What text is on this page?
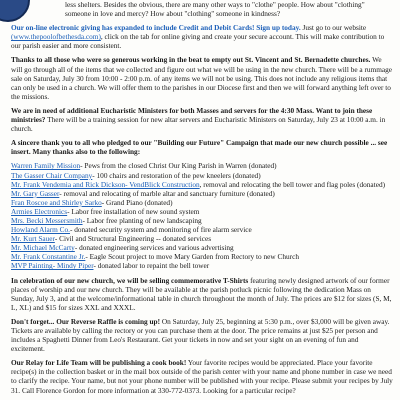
less shelters. Besides the obvious, there are many other ways to "clothe" people. How about "clothing"

someone in love and mercy? How about "clothing" someone in kindness?

Our on-line electronic giving has expanded to include Credit and Debit Cards! Sign up today. Just go to our website (www.thepoolofbethesda.com), click on the tab for online giving and create your secure account. This will make contribution to our parish easier and more consistent.

Thanks to all those who were so generous working in the beat to empty out St. Vincent and St. Bernadette churches. We will go through all of the items that we collected and figure out what we will be using in the new church. There will be a rummage sale on Saturday, July 30 from 10:00 - 2:00 p.m. of any items we will not be using. This does not include any religious items that can only be used in a church. We will offer them to the parishes in our Diocese first and then we will forward anything left over to the missions.

We are in need of additional Eucharistic Ministers for both Masses and servers for the 4:30 Mass. Want to join these ministries? There will be a training session for new altar servers and Eucharistic Ministers on Saturday, July 23 at 10:00 a.m. in church.

A sincere thank you to all who pledged to our "Building our Future" Campaign that made our new church possible ... see insert. Many thanks also to the following:

Warren Family Mission- Pews from the closed Christ Our King Parish in Warren (donated)

The Gasser Chair Company- 100 chairs and restoration of the pew kneelers (donated)

Mr. Frank Vendemia and Rick Dickson- VendBlick Construction, removal and relocating the bell tower and flag poles (donated)

Mr. Gary Gasser- removal and relocating of marble altar and sanctuary furniture (donated)

Fran Roscoe and Shirley Sarko- Grand Piano (donated)

Armies Electronics- Labor free installation of new sound system

Mrs. Becki Messersmith- Labor free planting of new landscaping

Howland Alarm Co.- donated security system and monitoring of fire alarm service

Mr. Kurt Sauer- Civil and Structural Engineering -- donated services

Mr. Michael McCarty- donated engineering services and various advertising

Mr. Frank Constantine Jr.- Eagle Scout project to move Mary Garden from Rectory to new Church

MVP Painting- Mindy Piper- donated labor to repaint the bell tower

In celebration of our new church, we will be selling commemorative T-Shirts featuring newly designed artwork of our former places of worship and our new church. They will be available at the parish potluck picnic following the dedication Mass on Sunday, July 3, and at the welcome/informational table in church throughout the month of July. The prices are $12 for sizes (S, M, L, XL) and $15 for sizes XXL and XXXL.

Don't forget... Our Reverse Raffle is coming up! On Saturday, July 25, beginning at 5:30 p.m., over $3,000 will be given away. Tickets are available by calling the rectory or you can purchase them at the door. The price remains at just $25 per person and includes a Spaghetti Dinner from Leo's Restaurant. Get your tickets in now and set your sight on an evening of fun and excitement.

Our Relay for Life Team will be publishing a cook book! Your favorite recipes would be appreciated. Place your favorite recipe(s) in the collection basket or in the mail box outside of the parish center with your name and phone number in case we need to clarify the recipe. Your name, but not your phone number will be published with your recipe. Please submit your recipes by July 31. Call Florence Gordon for more information at 330-772-0373. Looking for a particular recipe?
